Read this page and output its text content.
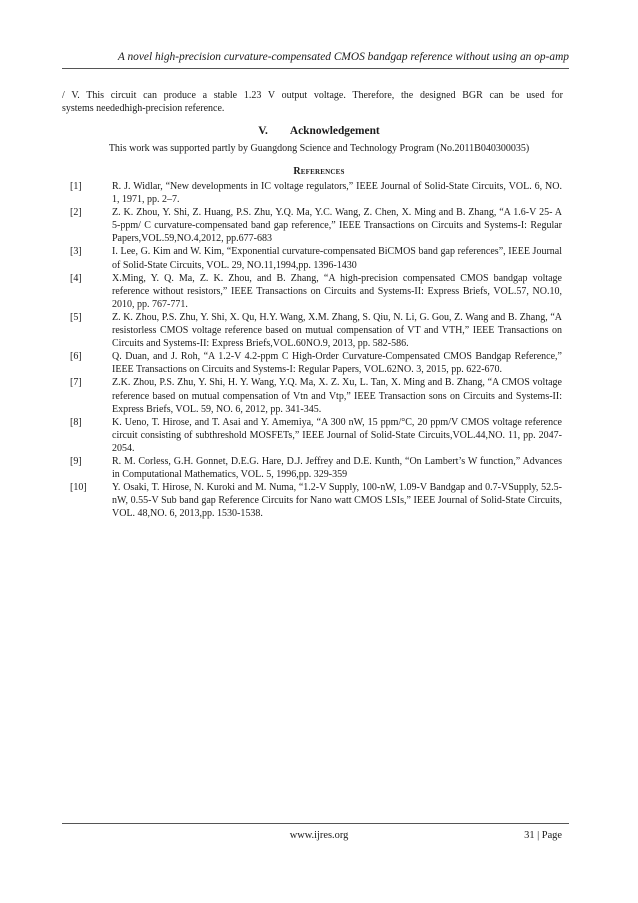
A novel high-precision curvature-compensated CMOS bandgap reference without using an op-amp
/ V. This circuit can produce a stable 1.23 V output voltage. Therefore, the designed BGR can be used for
systems neededhigh-precision reference.
V. Acknowledgement
This work was supported partly by Guangdong Science and Technology Program (No.2011B040300035)
References
[1]	R. J. Widlar, “New developments in IC voltage regulators,” IEEE Journal of Solid-State Circuits, VOL. 6, NO. 1, 1971, pp. 2–7.
[2]	Z. K. Zhou, Y. Shi, Z. Huang, P.S. Zhu, Y.Q. Ma, Y.C. Wang, Z. Chen, X. Ming and B. Zhang, “A 1.6-V 25- A 5-ppm/ C curvature-compensated band gap reference,” IEEE Transactions on Circuits and Systems-I: Regular Papers,VOL.59,NO.4,2012, pp.677-683
[3]	I. Lee, G. Kim and W. Kim, “Exponential curvature-compensated BiCMOS band gap references”, IEEE Journal of Solid-State Circuits, VOL. 29, NO.11,1994,pp. 1396-1430
[4]	X.Ming, Y. Q. Ma, Z. K. Zhou, and B. Zhang, “A high-precision compensated CMOS bandgap voltage reference without resistors,” IEEE Transactions on Circuits and Systems-II: Express Briefs, VOL.57, NO.10, 2010, pp. 767-771.
[5]	Z. K. Zhou, P.S. Zhu, Y. Shi, X. Qu, H.Y. Wang, X.M. Zhang, S. Qiu, N. Li, G. Gou, Z. Wang and B. Zhang, “A resistorless CMOS voltage reference based on mutual compensation of VT and VTH,” IEEE Transactions on Circuits and Systems-II: Express Briefs,VOL.60NO.9, 2013, pp. 582-586.
[6]	Q. Duan, and J. Roh, “A 1.2-V 4.2-ppm C High-Order Curvature-Compensated CMOS Bandgap Reference,” IEEE Transactions on Circuits and Systems-I: Regular Papers, VOL.62NO. 3, 2015, pp. 622-670.
[7]	Z.K. Zhou, P.S. Zhu, Y. Shi, H. Y. Wang, Y.Q. Ma, X. Z. Xu, L. Tan, X. Ming and B. Zhang, “A CMOS voltage reference based on mutual compensation of Vtn and Vtp,” IEEE Transaction sons on Circuits and Systems-II: Express Briefs, VOL. 59, NO. 6, 2012, pp. 341-345.
[8]	K. Ueno, T. Hirose, and T. Asai and Y. Amemiya, “A 300 nW, 15 ppm/°C, 20 ppm/V CMOS voltage reference circuit consisting of subthreshold MOSFETs,” IEEE Journal of Solid-State Circuits,VOL.44,NO. 11, pp. 2047-2054.
[9]	R. M. Corless, G.H. Gonnet, D.E.G. Hare, D.J. Jeffrey and D.E. Kunth, “On Lambert’s W function,” Advances in Computational Mathematics, VOL. 5, 1996,pp. 329-359
[10]	Y. Osaki, T. Hirose, N. Kuroki and M. Numa, “1.2-V Supply, 100-nW, 1.09-V Bandgap and 0.7-VSupply, 52.5-nW, 0.55-V Sub band gap Reference Circuits for Nano watt CMOS LSIs,” IEEE Journal of Solid-State Circuits, VOL. 48,NO. 6, 2013,pp. 1530-1538.
www.ijres.org	31 | Page
